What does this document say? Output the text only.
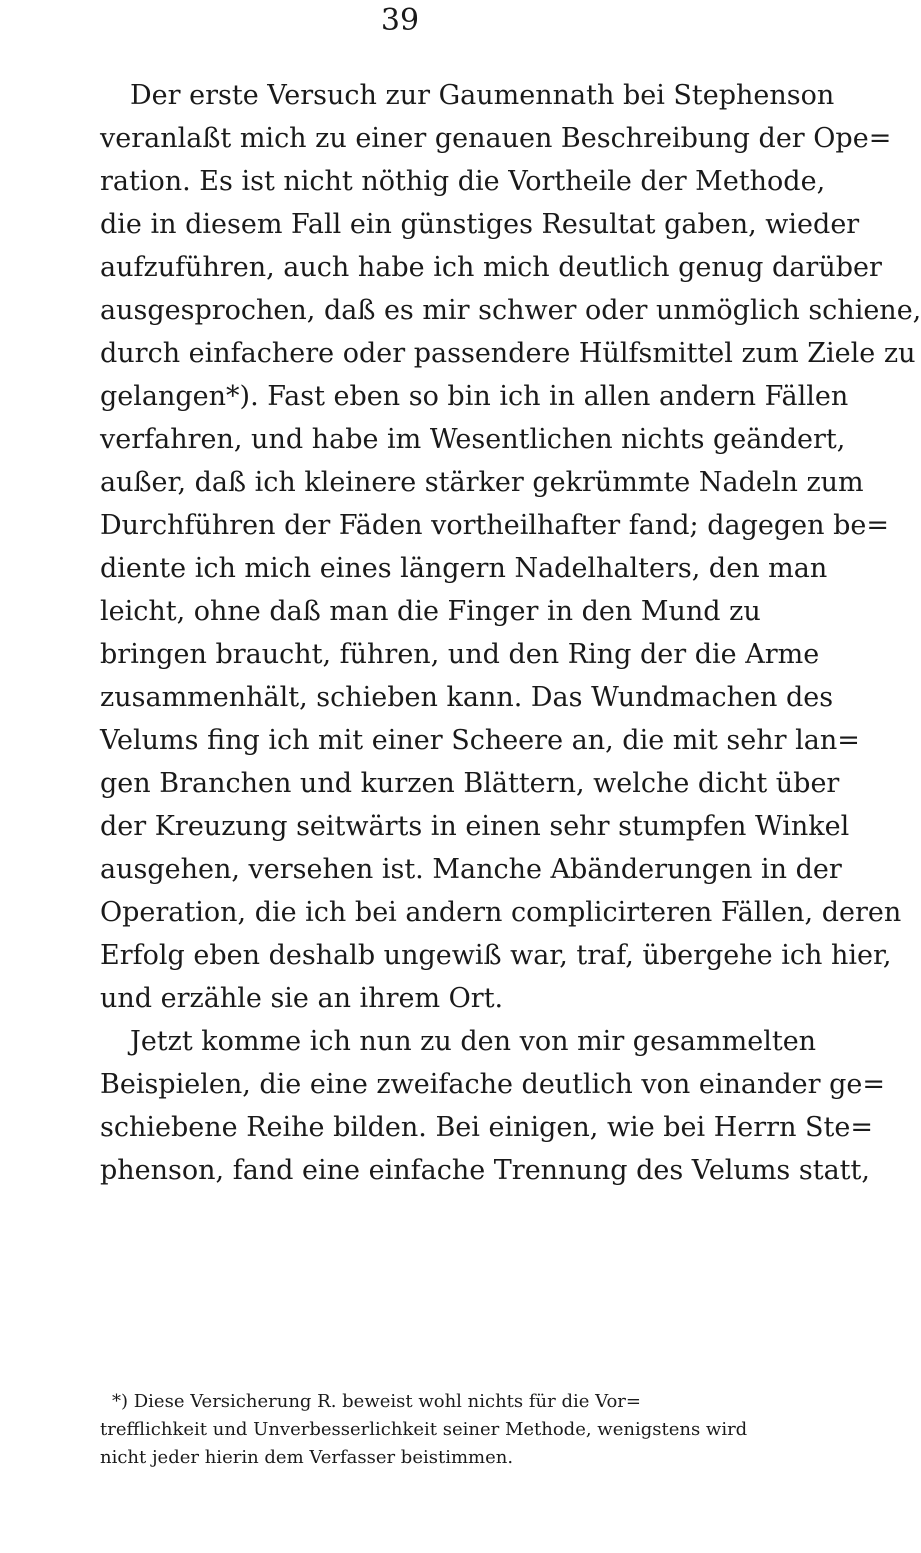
39
Der erste Versuch zur Gaumennath bei Stephenson
veranlaßt mich zu einer genauen Beschreibung der Ope=
ration. Es ist nicht nöthig die Vortheile der Methode,
die in diesem Fall ein günstiges Resultat gaben, wieder
aufzuführen, auch habe ich mich deutlich genug darüber
ausgesprochen, daß es mir schwer oder unmöglich schiene,
durch einfachere oder passendere Hülfsmittel zum Ziele zu
gelangen*). Fast eben so bin ich in allen andern Fällen
verfahren, und habe im Wesentlichen nichts geändert,
außer, daß ich kleinere stärker gekrümmte Nadeln zum
Durchführen der Fäden vortheilhafter fand; dagegen be=
diente ich mich eines längern Nadelhalters, den man
leicht, ohne daß man die Finger in den Mund zu
bringen braucht, führen, und den Ring der die Arme
zusammenhält, schieben kann. Das Wundmachen des
Velums fing ich mit einer Scheere an, die mit sehr lan=
gen Branchen und kurzen Blättern, welche dicht über
der Kreuzung seitwärts in einen sehr stumpfen Winkel
ausgehen, versehen ist. Manche Abänderungen in der
Operation, die ich bei andern complicirteren Fällen, deren
Erfolg eben deshalb ungewiß war, traf, übergehe ich hier,
und erzähle sie an ihrem Ort.
Jetzt komme ich nun zu den von mir gesammelten
Beispielen, die eine zweifache deutlich von einander ge=
schiebene Reihe bilden. Bei einigen, wie bei Herrn Ste=
phenson, fand eine einfache Trennung des Velums statt,
*) Diese Versicherung R. beweist wohl nichts für die Vor=
trefflichkeit und Unverbesserlichkeit seiner Methode, wenigstens wird
nicht jeder hierin dem Verfasser beistimmen.
